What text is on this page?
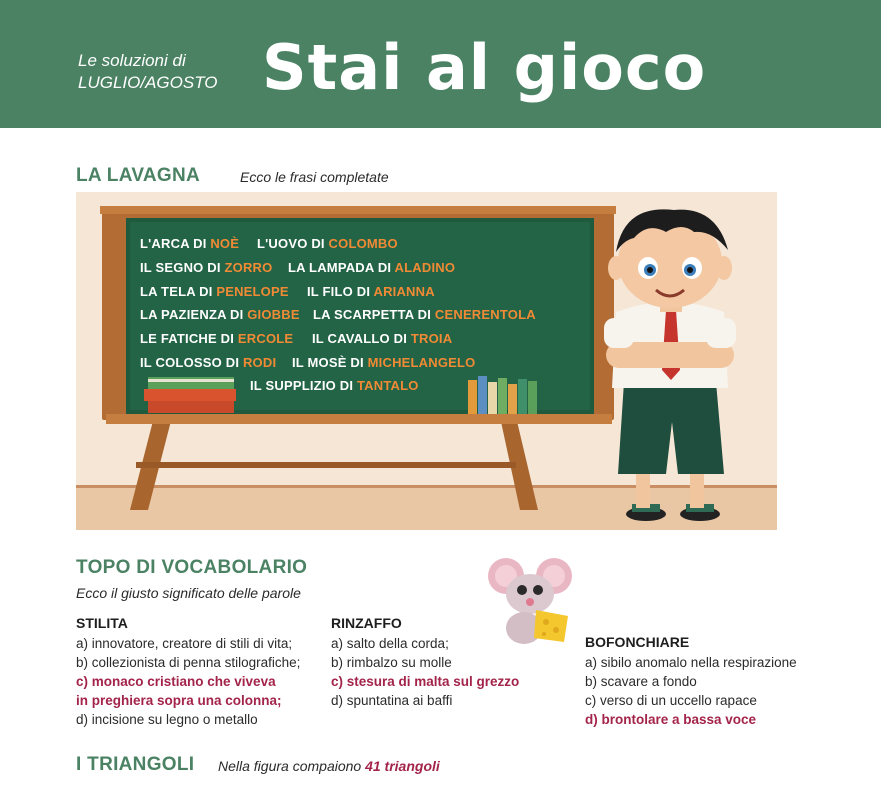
Le soluzioni di
LUGLIO/AGOSTO Stai al gioco
LA LAVAGNA	Ecco le frasi completate
L'ARCA DI NOÈ L'UOVO DI COLOMBO
IL SEGNO DI ZORRO LA LAMPADA DI ALADINO
LA TELA DI PENELOPE IL FILO DI ARIANNA
LA PAZIENZA DI GIOBBE LA SCARPETTA DI CENERENTOLA
LE FATICHE DI ERCOLE IL CAVALLO DI TROIA
IL COLOSSO DI RODI IL MOSÈ DI MICHELANGELO
IL SUPPLIZIO DI TANTALO
TOPO DI VOCABOLARIO
Ecco il giusto significato delle parole
STILITA
a) innovatore, creatore di stili di vita;
b) collezionista di penna stilografiche;
c) monaco cristiano che viveva
in preghiera sopra una colonna;
d) incisione su legno o metallo
RINZAFFO
a) salto della corda;
b) rimbalzo su molle
c) stesura di malta sul grezzo
d) spuntatina ai baffi
BOFONCHIARE
a) sibilo anomalo nella respirazione
b) scavare a fondo
c) verso di un uccello rapace
d) brontolare a bassa voce
I TRIANGOLI Nella figura compaiono 41 triangoli
